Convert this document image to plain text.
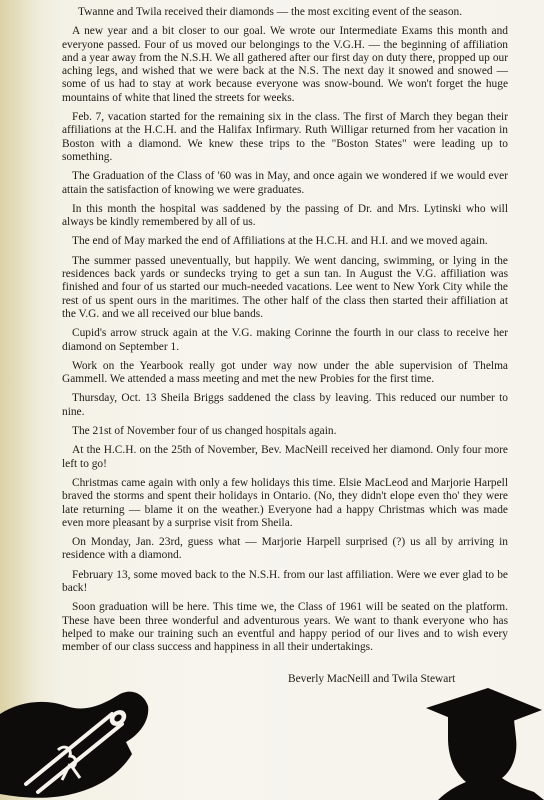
Twanne and Twila received their diamonds — the most exciting event of the season.

A new year and a bit closer to our goal. We wrote our Intermediate Exams this month and everyone passed. Four of us moved our belongings to the V.G.H. — the beginning of affiliation and a year away from the N.S.H. We all gathered after our first day on duty there, propped up our aching legs, and wished that we were back at the N.S. The next day it snowed and snowed — some of us had to stay at work because everyone was snow-bound. We won't forget the huge mountains of white that lined the streets for weeks.

Feb. 7, vacation started for the remaining six in the class. The first of March they began their affiliations at the H.C.H. and the Halifax Infirmary. Ruth Willigar returned from her vacation in Boston with a diamond. We knew these trips to the "Boston States" were leading up to something.

The Graduation of the Class of '60 was in May, and once again we wondered if we would ever attain the satisfaction of knowing we were graduates.

In this month the hospital was saddened by the passing of Dr. and Mrs. Lytinski who will always be kindly remembered by all of us.

The end of May marked the end of Affiliations at the H.C.H. and H.I. and we moved again.

The summer passed uneventually, but happily. We went dancing, swimming, or lying in the residences back yards or sundecks trying to get a sun tan. In August the V.G. affiliation was finished and four of us started our much-needed vacations. Lee went to New York City while the rest of us spent ours in the maritimes. The other half of the class then started their affiliation at the V.G. and we all received our blue bands.

Cupid's arrow struck again at the V.G. making Corinne the fourth in our class to receive her diamond on September 1.

Work on the Yearbook really got under way now under the able supervision of Thelma Gammell. We attended a mass meeting and met the new Probies for the first time.

Thursday, Oct. 13 Sheila Briggs saddened the class by leaving. This reduced our number to nine.

The 21st of November four of us changed hospitals again.

At the H.C.H. on the 25th of November, Bev. MacNeill received her diamond. Only four more left to go!

Christmas came again with only a few holidays this time. Elsie MacLeod and Marjorie Harpell braved the storms and spent their holidays in Ontario. (No, they didn't elope even tho' they were late returning — blame it on the weather.) Everyone had a happy Christmas which was made even more pleasant by a surprise visit from Sheila.

On Monday, Jan. 23rd, guess what — Marjorie Harpell surprised (?) us all by arriving in residence with a diamond.

February 13, some moved back to the N.S.H. from our last affiliation. Were we ever glad to be back!

Soon graduation will be here. This time we, the Class of 1961 will be seated on the platform. These have been three wonderful and adventurous years. We want to thank everyone who has helped to make our training such an eventful and happy period of our lives and to wish every member of our class success and happiness in all their undertakings.

Beverly MacNeill and Twila Stewart
